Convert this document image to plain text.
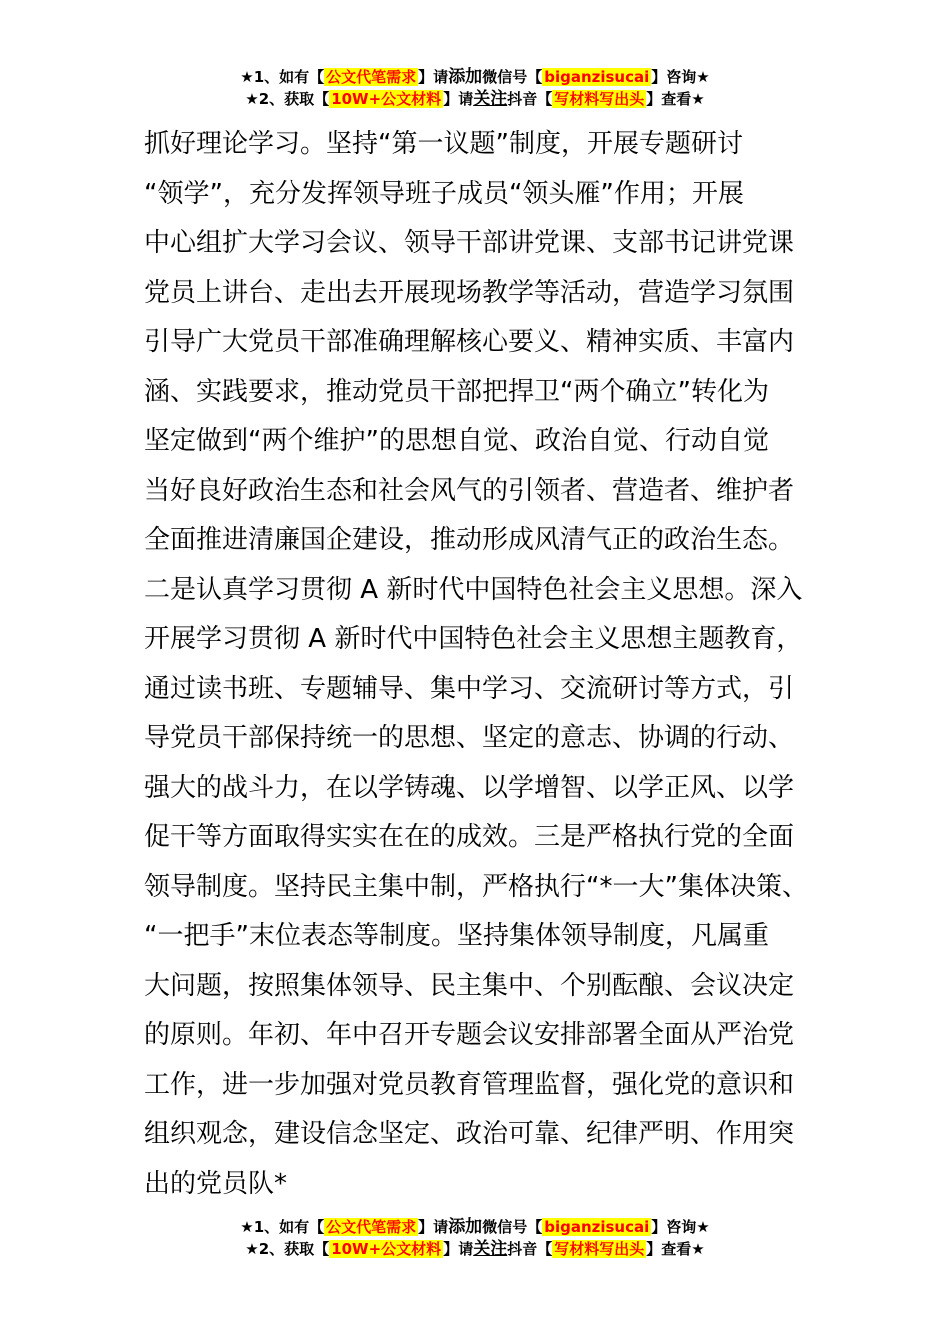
★1、如有【 公文代笔需求 】请添加微信号【 biganzisucai 】咨询★
★2、获取【 10W+公文材料 】请关注抖音【 写材料写出头 】查看★
抓好理论学习。坚持“第一议题”制度，开展专题研讨
“领学”，充分发挥领导班子成员“领头雁”作用；开展
中心组扩大学习会议、领导干部讲党课、支部书记讲党课
党员上讲台、走出去开展现场教学等活动，营造学习氛围
引导广大党员干部准确理解核心要义、精神实质、丰富内
涵、实践要求，推动党员干部把捍卫“两个确立”转化为
坚定做到“两个维护”的思想自觉、政治自觉、行动自觉
当好良好政治生态和社会风气的引领者、营造者、维护者
全面推进清廉国企建设，推动形成风清气正的政治生态。
二是认真学习贯彻 A 新时代中国特色社会主义思想。深入
开展学习贯彻 A 新时代中国特色社会主义思想主题教育，
通过读书班、专题辅导、集中学习、交流研讨等方式，引
导党员干部保持统一的思想、坚定的意志、协调的行动、
强大的战斗力，在以学铸魂、以学增智、以学正风、以学
促干等方面取得实实在在的成效。三是严格执行党的全面
领导制度。坚持民主集中制，严格执行“*一大”集体决策、
“一把手”末位表态等制度。坚持集体领导制度，凡属重
大问题，按照集体领导、民主集中、个别酝酿、会议决定
的原则。年初、年中召开专题会议安排部署全面从严治党
工作，进一步加强对党员教育管理监督，强化党的意识和
组织观念，建设信念坚定、政治可靠、纪律严明、作用突
出的党员队*
★1、如有【 公文代笔需求 】请添加微信号【 biganzisucai 】咨询★
★2、获取【 10W+公文材料 】请关注抖音【 写材料写出头 】查看★
